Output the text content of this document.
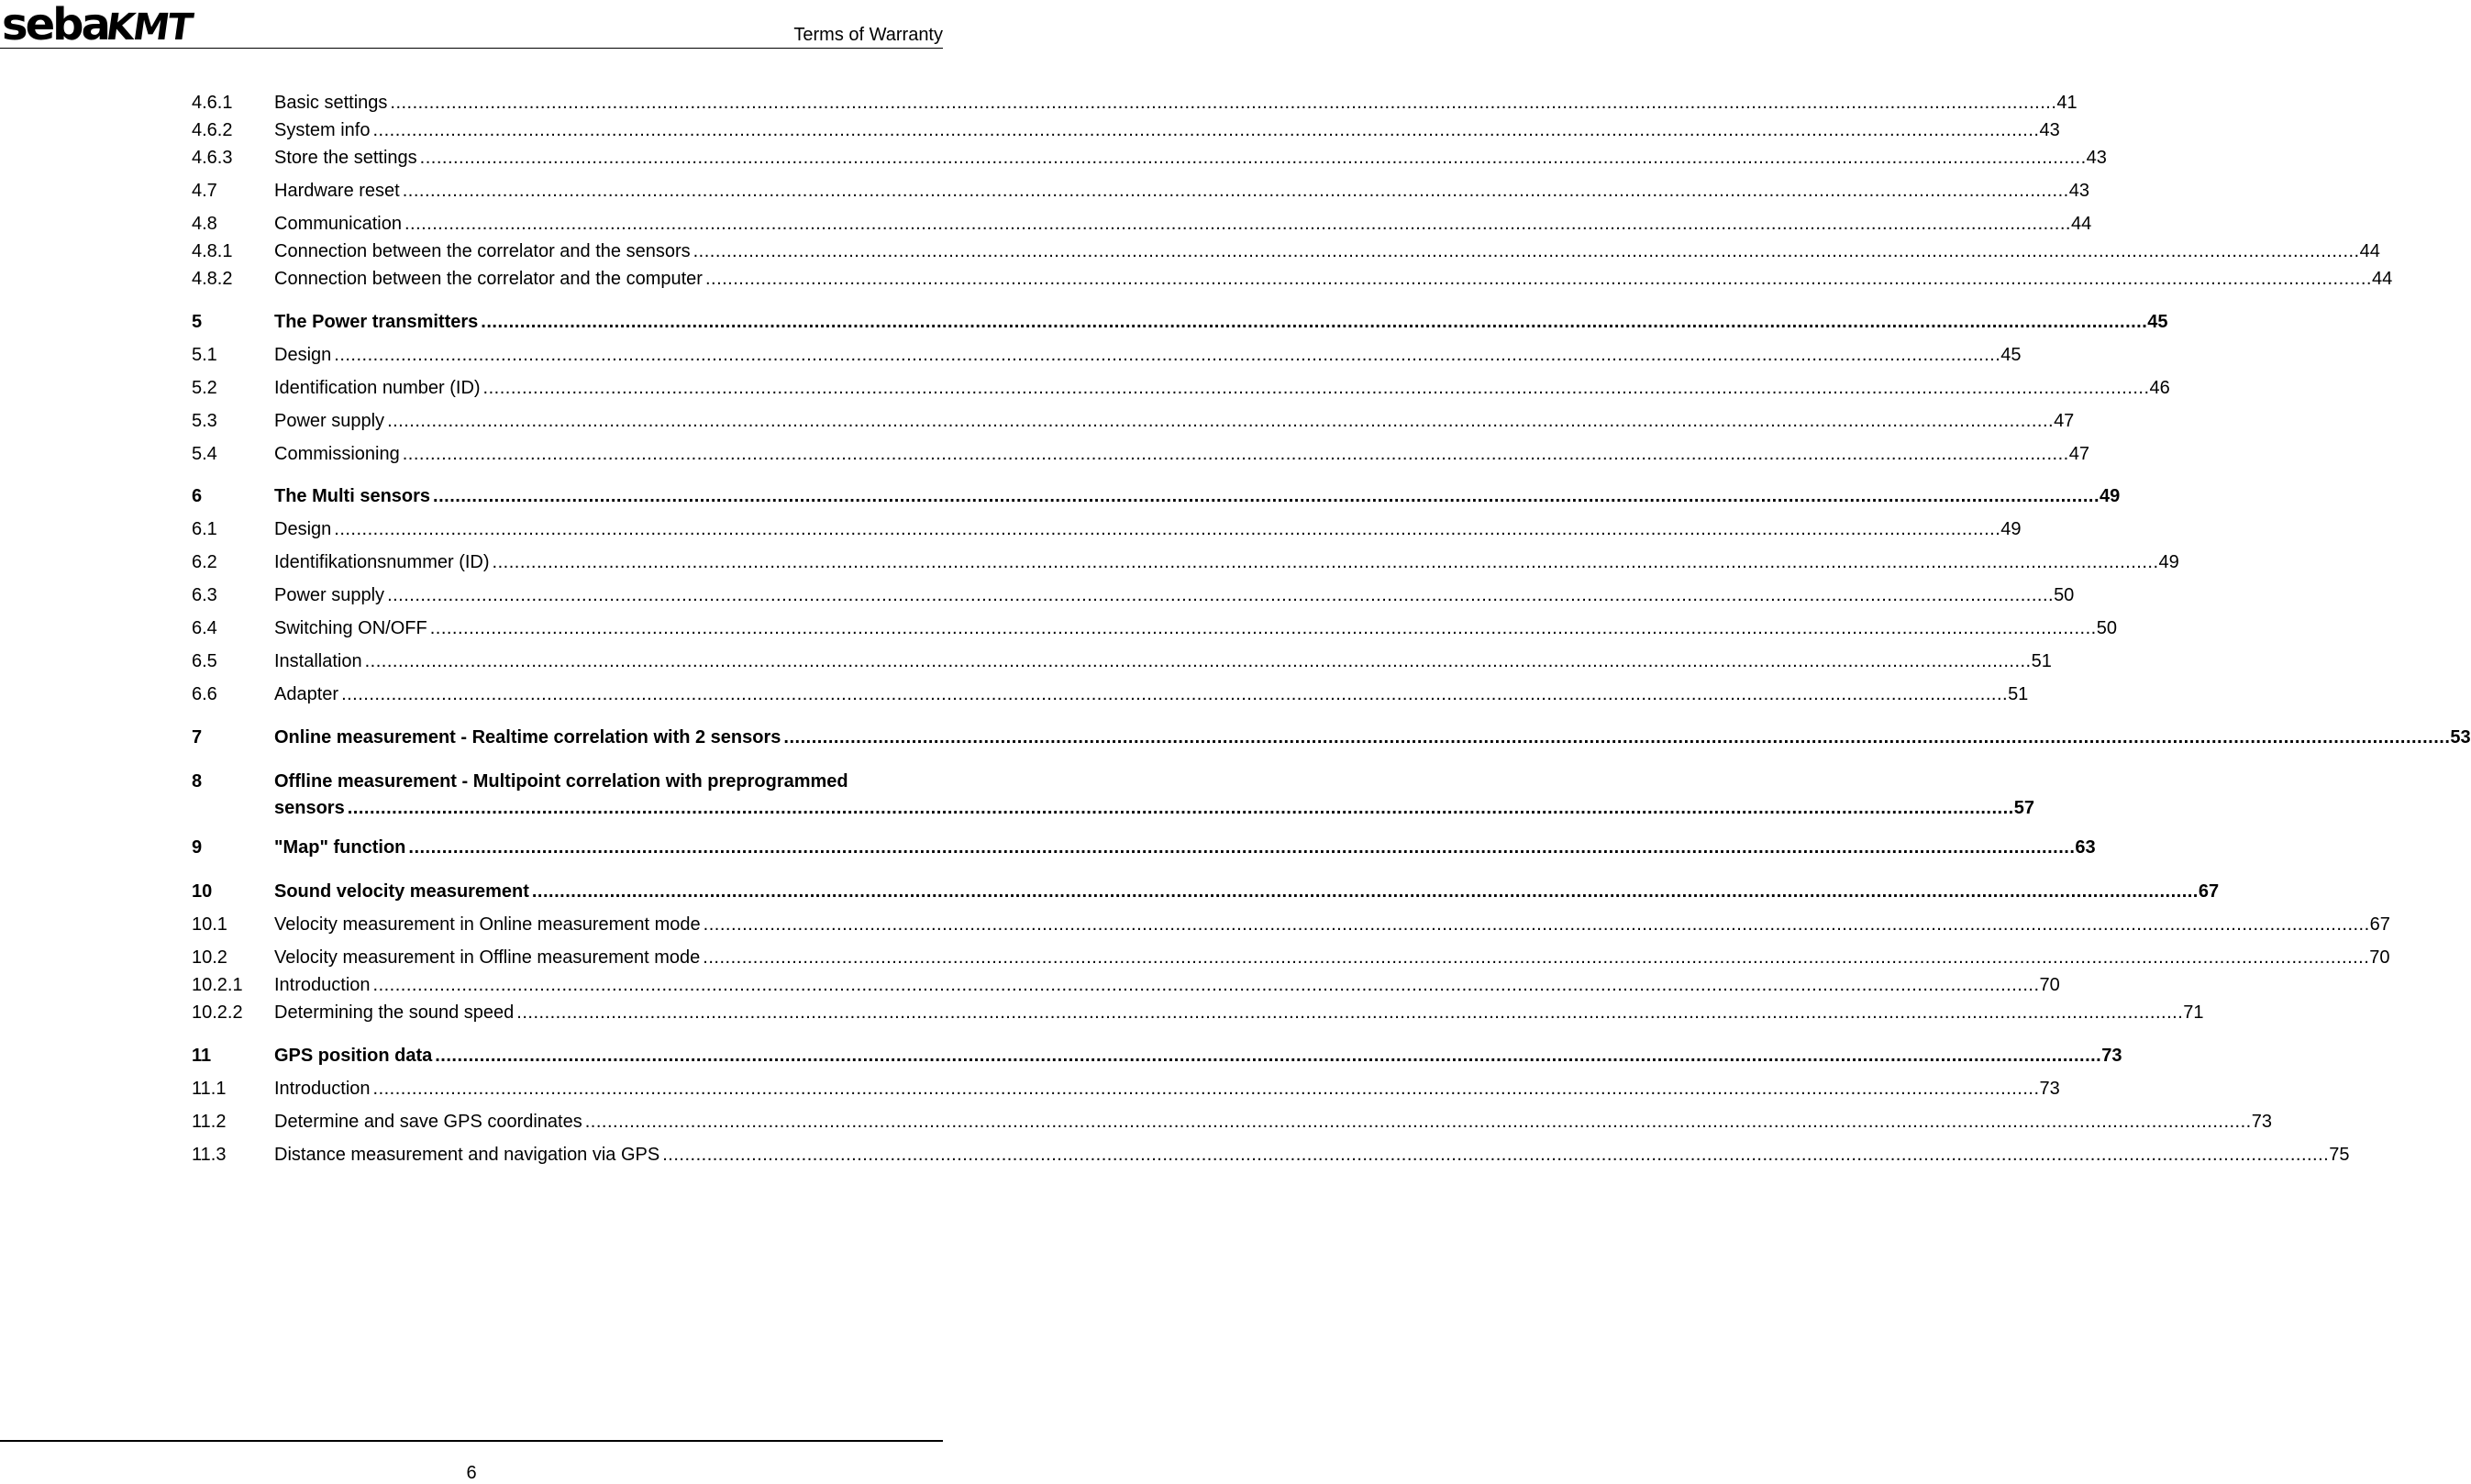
seba
KMT	Terms of Warranty
4.6.1 Basic settings ............................................................................................................................................................................................................................................................................................................ 41
4.6.2 System info ............................................................................................................................................................................................................................................................................................................ 43
4.6.3 Store the settings ............................................................................................................................................................................................................................................................................................................ 43
4.7	Hardware reset ............................................................................................................................................................................................................................................................................................................ 43
4.8	Communication ............................................................................................................................................................................................................................................................................................................ 44
4.8.1 Connection between the correlator and the sensors ............................................................................................................................................................................................................................................................................................................ 44
4.8.2 Connection between the correlator and the computer ............................................................................................................................................................................................................................................................................................................ 44
5	The Power transmitters ............................................................................................................................................................................................................................................................................................................ 45
5.1	Design ............................................................................................................................................................................................................................................................................................................ 45
5.2	Identification number (ID) ............................................................................................................................................................................................................................................................................................................ 46
5.3	Power supply ............................................................................................................................................................................................................................................................................................................ 47
5.4	Commissioning ............................................................................................................................................................................................................................................................................................................ 47
6	The Multi sensors ............................................................................................................................................................................................................................................................................................................ 49
6.1	Design ............................................................................................................................................................................................................................................................................................................ 49
6.2	Identifikationsnummer (ID) ............................................................................................................................................................................................................................................................................................................ 49
6.3	Power supply ............................................................................................................................................................................................................................................................................................................ 50
6.4	Switching ON/OFF ............................................................................................................................................................................................................................................................................................................ 50
6.5	Installation ............................................................................................................................................................................................................................................................................................................ 51
6.6	Adapter ............................................................................................................................................................................................................................................................................................................ 51
7	Online measurement - Realtime correlation with 2 sensors ............................................................................................................................................................................................................................................................................................................ 53
8	Offline measurement - Multipoint correlation with preprogrammed
sensors ............................................................................................................................................................................................................................................................................................................ 57
9	"Map" function ............................................................................................................................................................................................................................................................................................................ 63
10	Sound velocity measurement ............................................................................................................................................................................................................................................................................................................ 67
10.1	Velocity measurement in Online measurement mode ............................................................................................................................................................................................................................................................................................................ 67
10.2	Velocity measurement in Offline measurement mode ............................................................................................................................................................................................................................................................................................................ 70
10.2.1 Introduction ............................................................................................................................................................................................................................................................................................................ 70
10.2.2 Determining the sound speed ............................................................................................................................................................................................................................................................................................................ 71
11	GPS position data ............................................................................................................................................................................................................................................................................................................ 73
11.1	Introduction ............................................................................................................................................................................................................................................................................................................ 73
11.2	Determine and save GPS coordinates ............................................................................................................................................................................................................................................................................................................ 73
11.3	Distance measurement and navigation via GPS ............................................................................................................................................................................................................................................................................................................ 75
6
